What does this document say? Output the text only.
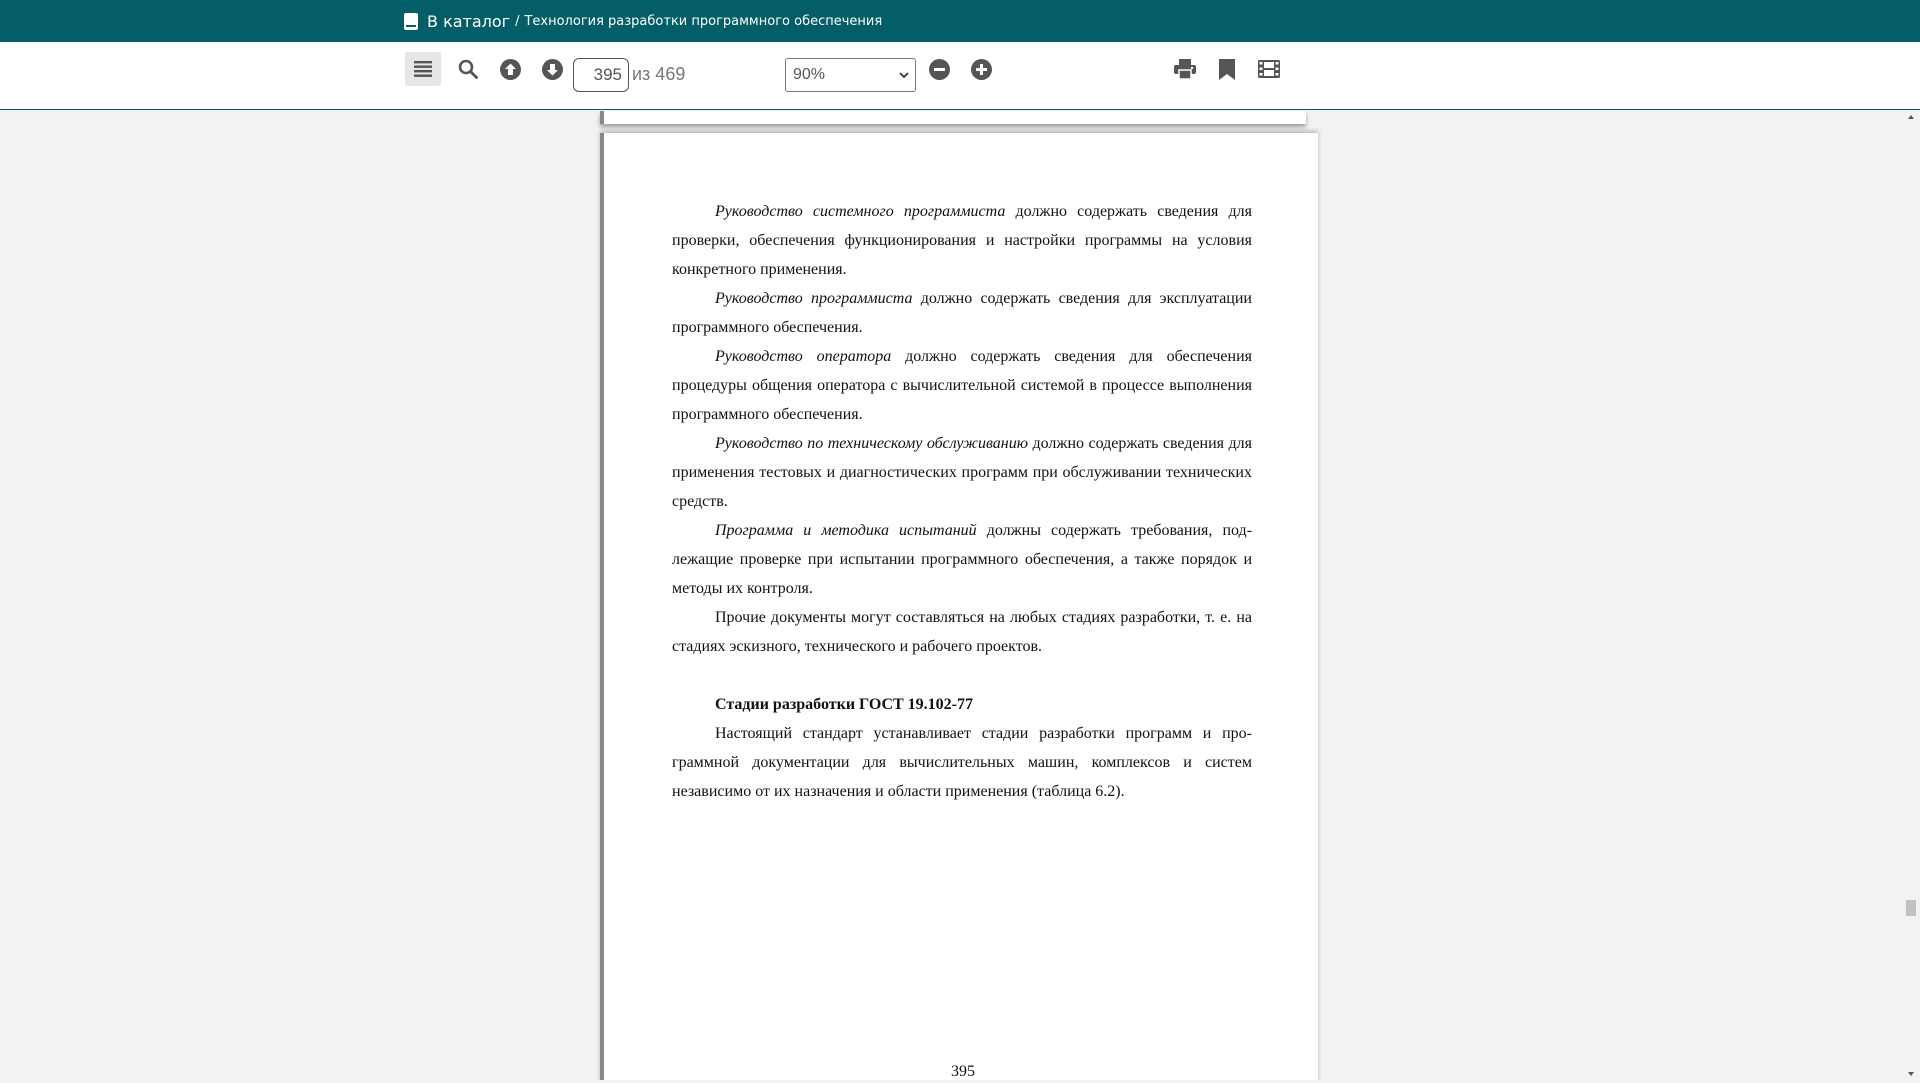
В каталог / Технология разработки программного обеспечения
395
из 469	90%

Руководство системного программиста должно содержать сведения для проверки, обеспечения функционирования и настройки программы на условия конкретного применения.

Руководство программиста должно содержать сведения для эксплуатации программного обеспечения.

Руководство оператора должно содержать сведения для обеспечения процедуры общения оператора с вычислительной системой в процессе выполнения программного обеспечения.

Руководство по техническому обслуживанию должно содержать сведения для применения тестовых и диагностических программ при обслуживании технических средств.

Программа и методика испытаний должны содержать требования, подлежащие проверке при испытании программного обеспечения, а также порядок и методы их контроля.

Прочие документы могут составляться на любых стадиях разработки, т. е. на стадиях эскизного, технического и рабочего проектов.

Стадии разработки ГОСТ 19.102-77

Настоящий стандарт устанавливает стадии разработки программ и программной документации для вычислительных машин, комплексов и систем независимо от их назначения и области применения (таблица 6.2).

395
